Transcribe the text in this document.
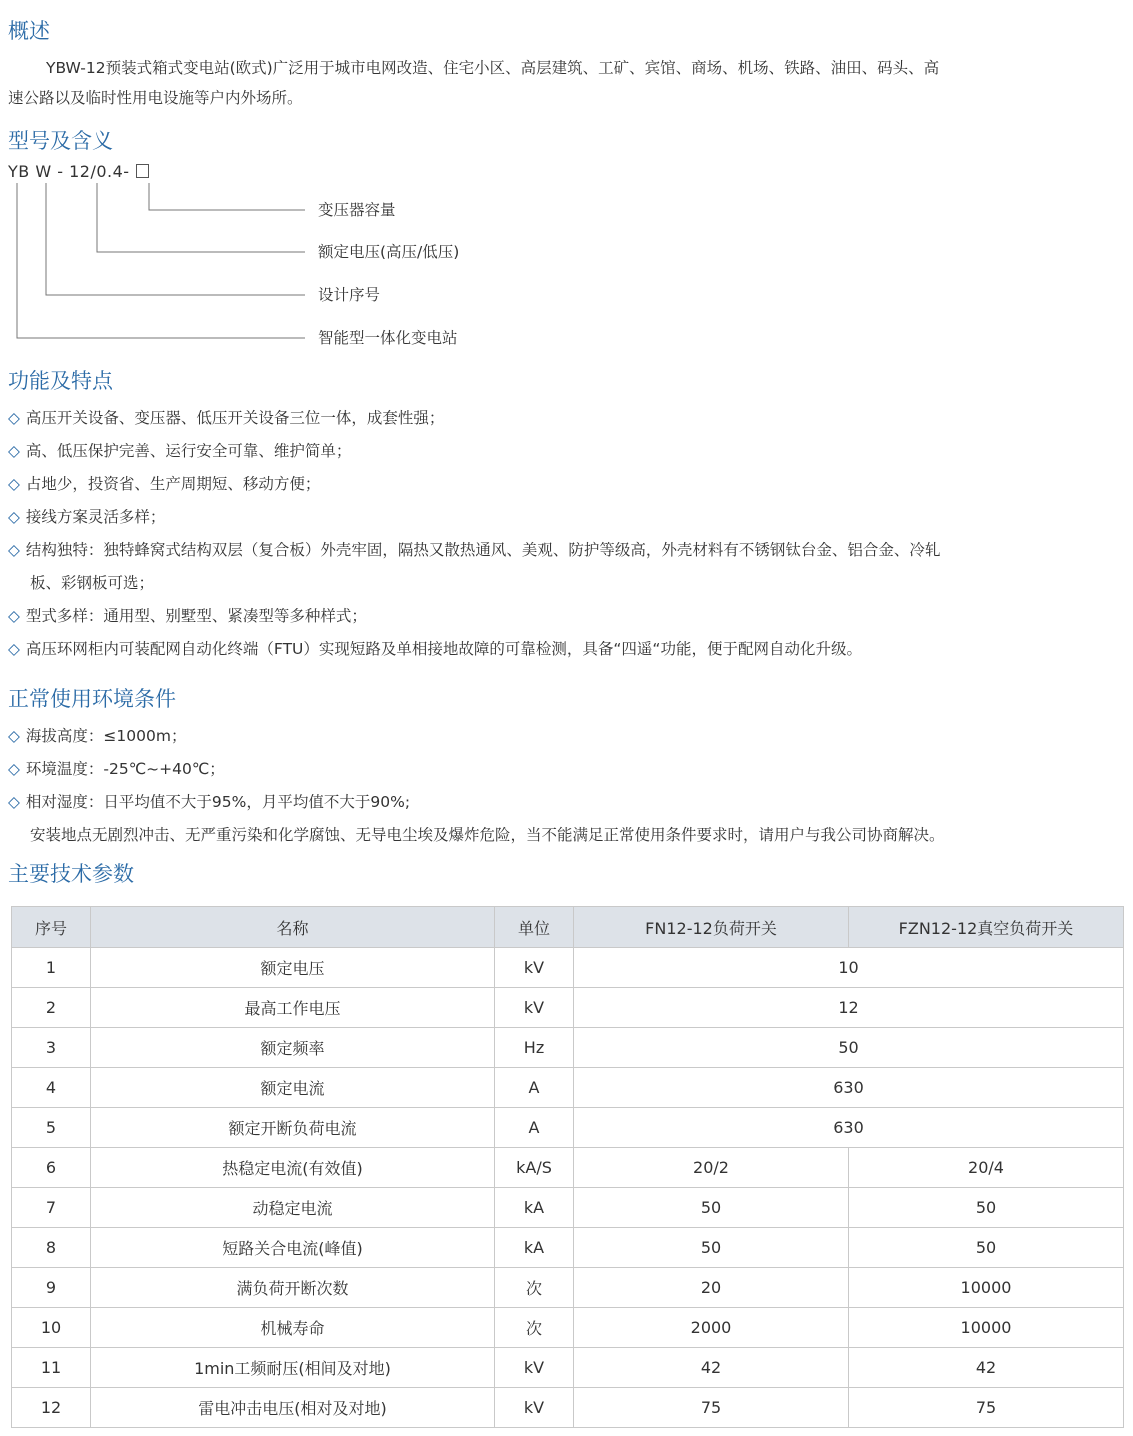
概述

YBW-12预装式箱式变电站(欧式)广泛用于城市电网改造、住宅小区、高层建筑、工矿、宾馆、商场、机场、铁路、油田、码头、高

速公路以及临时性用电设施等户内外场所。

型号及含义
YB W - 12/0.4-
变压器容量
额定电压(高压/低压)
设计序号
智能型一体化变电站
功能及特点

◇ 高压开关设备、变压器、低压开关设备三位一体，成套性强；

◇ 高、低压保护完善、运行安全可靠、维护简单；

◇ 占地少，投资省、生产周期短、移动方便；

◇ 接线方案灵活多样；

◇ 结构独特：独特蜂窝式结构双层（复合板）外壳牢固，隔热又散热通风、美观、防护等级高，外壳材料有不锈钢钛台金、铝合金、冷轧

板、彩钢板可选；

◇ 型式多样：通用型、别墅型、紧凑型等多种样式；

◇ 高压环网柜内可装配网自动化终端（FTU）实现短路及单相接地故障的可靠检测，具备“四遥“功能，便于配网自动化升级。

正常使用环境条件

◇ 海拔高度：≤1000m；

◇ 环境温度：-25℃~+40℃；

◇ 相对湿度：日平均值不大于95%，月平均值不大于90%;

安装地点无剧烈冲击、无严重污染和化学腐蚀、无导电尘埃及爆炸危险，当不能满足正常使用条件要求时，请用户与我公司协商解决。

主要技术参数
序号	名称	单位	FN12-12负荷开关	FZN12-12真空负荷开关
1	额定电压	kV	10	
2	最高工作电压	kV	12	
3	额定频率	Hz	50	
4	额定电流	A	630	
5	额定开断负荷电流	A	630	
6	热稳定电流(有效值)	kA/S	20/2	20/4
7	动稳定电流	kA	50	50
8	短路关合电流(峰值)	kA	50	50
9	满负荷开断次数	次	20	10000
10	机械寿命	次	2000	10000
11	1min工频耐压(相间及对地)	kV	42	42
12	雷电冲击电压(相对及对地)	kV	75	75
